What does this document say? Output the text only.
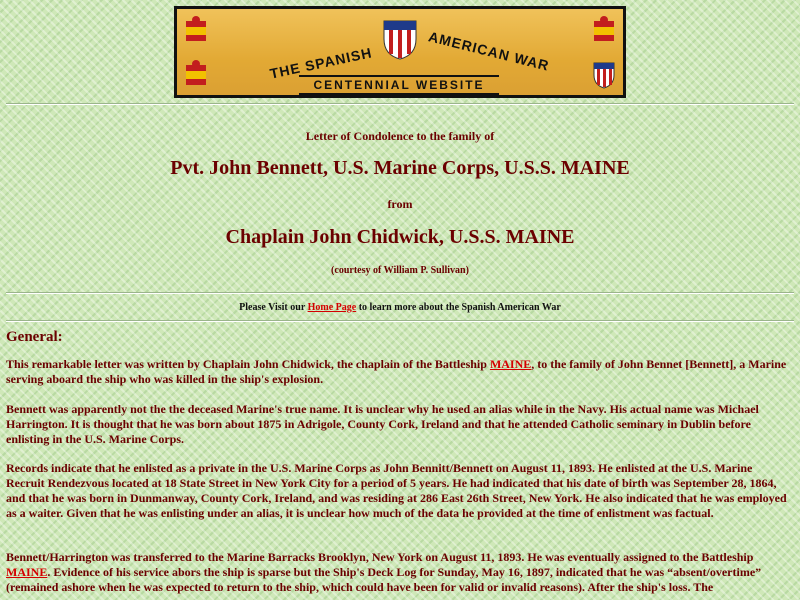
THE SPANISH	AMERICAN WAR
CENTENNIAL WEBSITE
Letter of Condolence to the family of
Pvt. John Bennett, U.S. Marine Corps, U.S.S. MAINE
from
Chaplain John Chidwick, U.S.S. MAINE
(courtesy of William P. Sullivan)
Please Visit our Home Page to learn more about the Spanish American War
General:
This remarkable letter was written by Chaplain John Chidwick, the chaplain of the Battleship MAINE, to the family of John Bennet [Bennett], a Marine serving aboard the ship who was killed in the ship's explosion.
Bennett was apparently not the the deceased Marine's true name. It is unclear why he used an alias while in the Navy. His actual name was Michael Harrington. It is thought that he was born about 1875 in Adrigole, County Cork, Ireland and that he attended Catholic seminary in Dublin before enlisting in the U.S. Marine Corps.
Records indicate that he enlisted as a private in the U.S. Marine Corps as John Bennitt/Bennett on August 11, 1893. He enlisted at the U.S. Marine Recruit Rendezvous located at 18 State Street in New York City for a period of 5 years. He had indicated that his date of birth was September 28, 1864, and that he was born in Dunmanway, County Cork, Ireland, and was residing at 286 East 26th Street, New York. He also indicated that he was employed as a waiter. Given that he was enlisting under an alias, it is unclear how much of the data he provided at the time of enlistment was factual.
Bennett/Harrington was transferred to the Marine Barracks Brooklyn, New York on August 11, 1893. He was eventually assigned to the Battleship MAINE. Evidence of his service abors the ship is sparse but the Ship's Deck Log for Sunday, May 16, 1897, indicated that he was “absent/overtime” (remained ashore when he was expected to return to the ship, which could have been for valid or invalid reasons). After the ship's loss. The
